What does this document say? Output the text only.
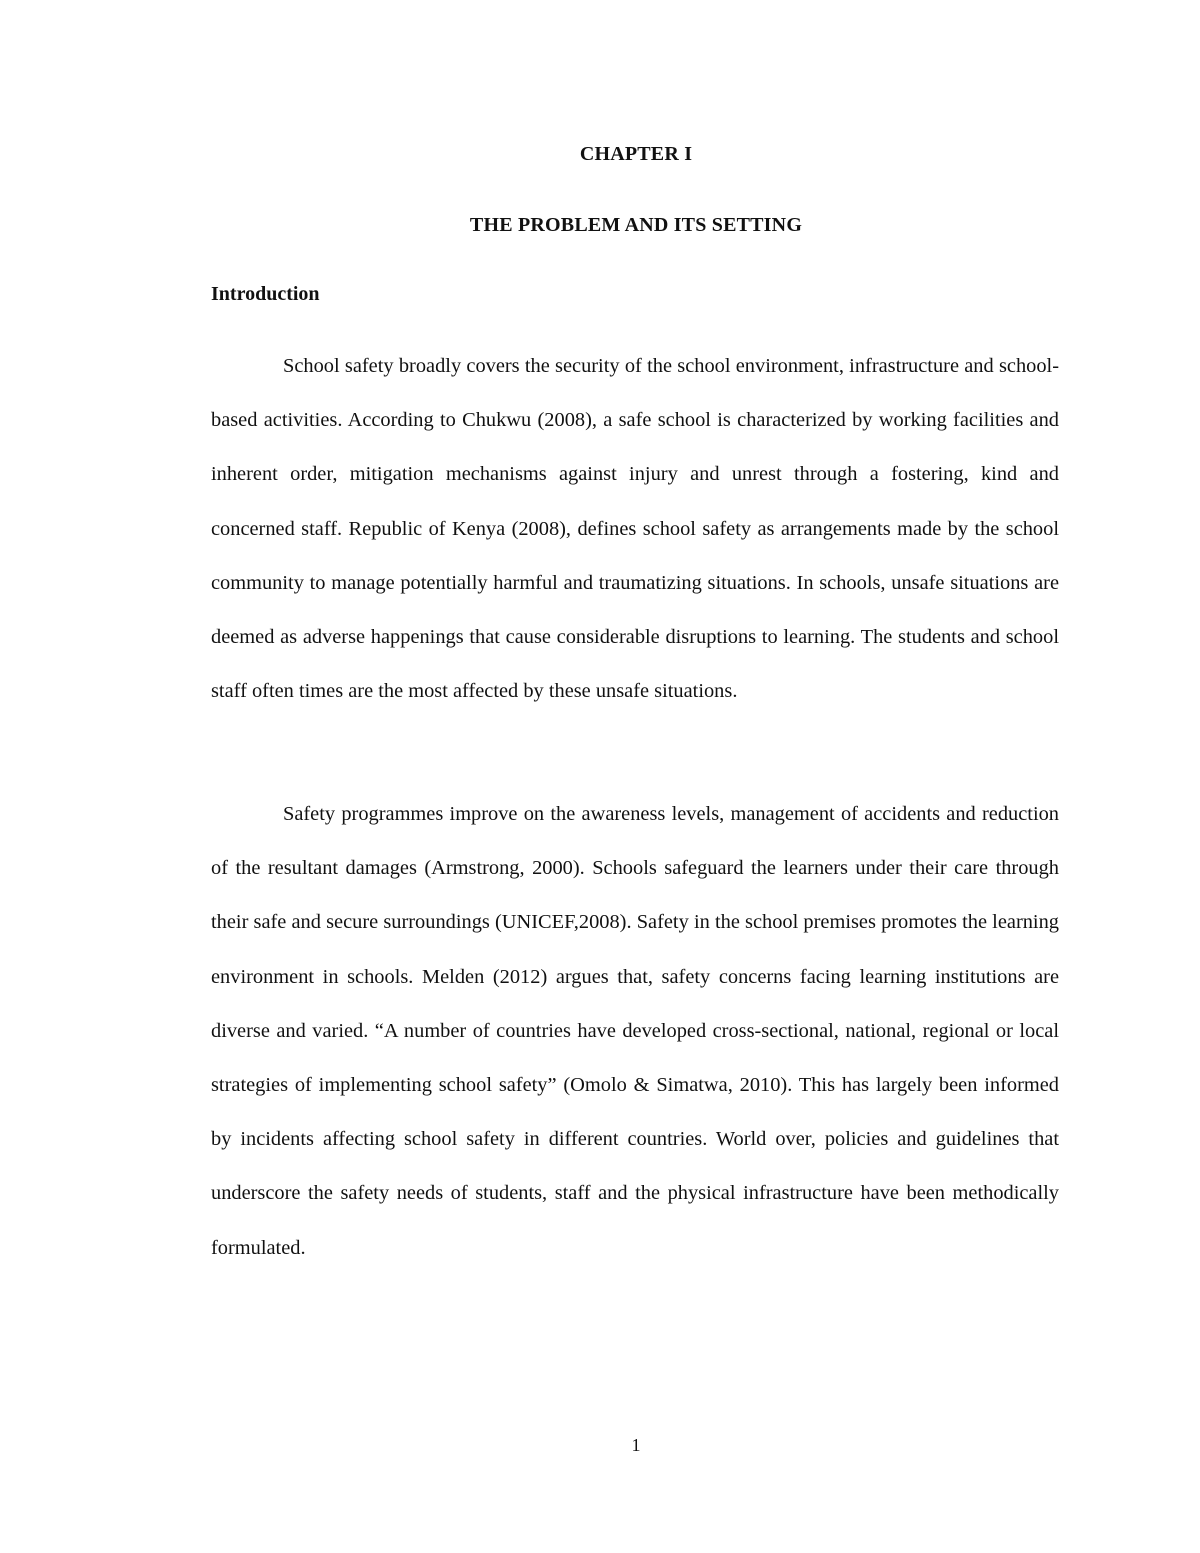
CHAPTER I
THE PROBLEM AND ITS SETTING
Introduction

School safety broadly covers the security of the school environment, infrastructure and school-based activities. According to Chukwu (2008), a safe school is characterized by working facilities and inherent order, mitigation mechanisms against injury and unrest through a fostering, kind and concerned staff. Republic of Kenya (2008), defines school safety as arrangements made by the school community to manage potentially harmful and traumatizing situations. In schools, unsafe situations are deemed as adverse happenings that cause considerable disruptions to learning. The students and school staff often times are the most affected by these unsafe situations.

Safety programmes improve on the awareness levels, management of accidents and reduction of the resultant damages (Armstrong, 2000). Schools safeguard the learners under their care through their safe and secure surroundings (UNICEF,2008). Safety in the school premises promotes the learning environment in schools. Melden (2012) argues that, safety concerns facing learning institutions are diverse and varied. “A number of countries have developed cross-sectional, national, regional or local strategies of implementing school safety” (Omolo & Simatwa, 2010). This has largely been informed by incidents affecting school safety in different countries. World over, policies and guidelines that underscore the safety needs of students, staff and the physical infrastructure have been methodically formulated.

1
